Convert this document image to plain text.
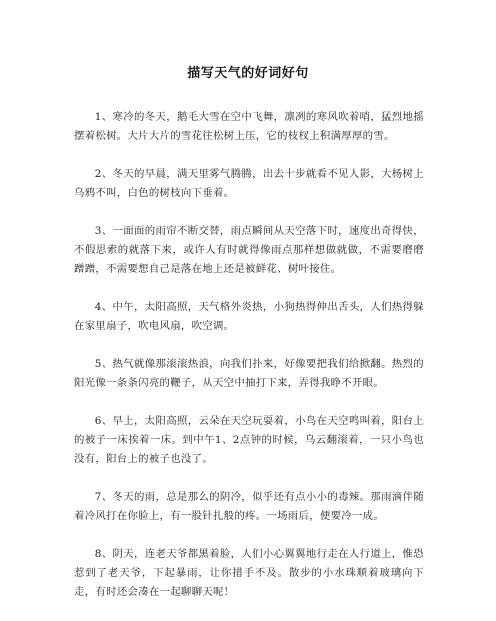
描写天气的好词好句

1、寒冷的冬天，鹅毛大雪在空中飞舞，凛冽的寒风吹着哨，猛烈地摇摆着松树。大片大片的雪花往松树上压，它的枝杈上积满厚厚的雪。

2、冬天的早晨，满天里雾气腾腾，出去十步就看不见人影，大杨树上乌鸦不叫，白色的树枝向下垂着。

3、一面面的雨帘不断交替，雨点瞬间从天空落下时，速度出奇得快，不假思索的就落下来，或许人有时就得像雨点那样想做就做，不需要磨磨蹭蹭，不需要想自己是落在地上还是被鲜花、树叶接住。

4、中午，太阳高照，天气格外炎热，小狗热得伸出舌头，人们热得躲在家里扇子，吹电风扇，吹空调。

5、热气就像那滚滚热浪，向我们扑来，好像要把我们给掀翻。热烈的阳光像一条条闪亮的鞭子，从天空中抽打下来，弄得我睁不开眼。

6、早上，太阳高照，云朵在天空玩耍着，小鸟在天空鸣叫着，阳台上的被子一床挨着一床。到中午1、2点钟的时候，乌云翻滚着，一只小鸟也没有，阳台上的被子也没了。

7、冬天的雨，总是那么的阴冷，似乎还有点小小的毒辣。那雨滴伴随着冷风打在你脸上，有一股针扎般的疼。一场雨后，便要冷一成。

8、阴天，连老天爷都黑着脸，人们小心翼翼地行走在人行道上，惟恐惹到了老天爷，下起暴雨，让你措手不及。散步的小水珠顺着玻璃向下走，有时还会凑在一起聊聊天呢！
